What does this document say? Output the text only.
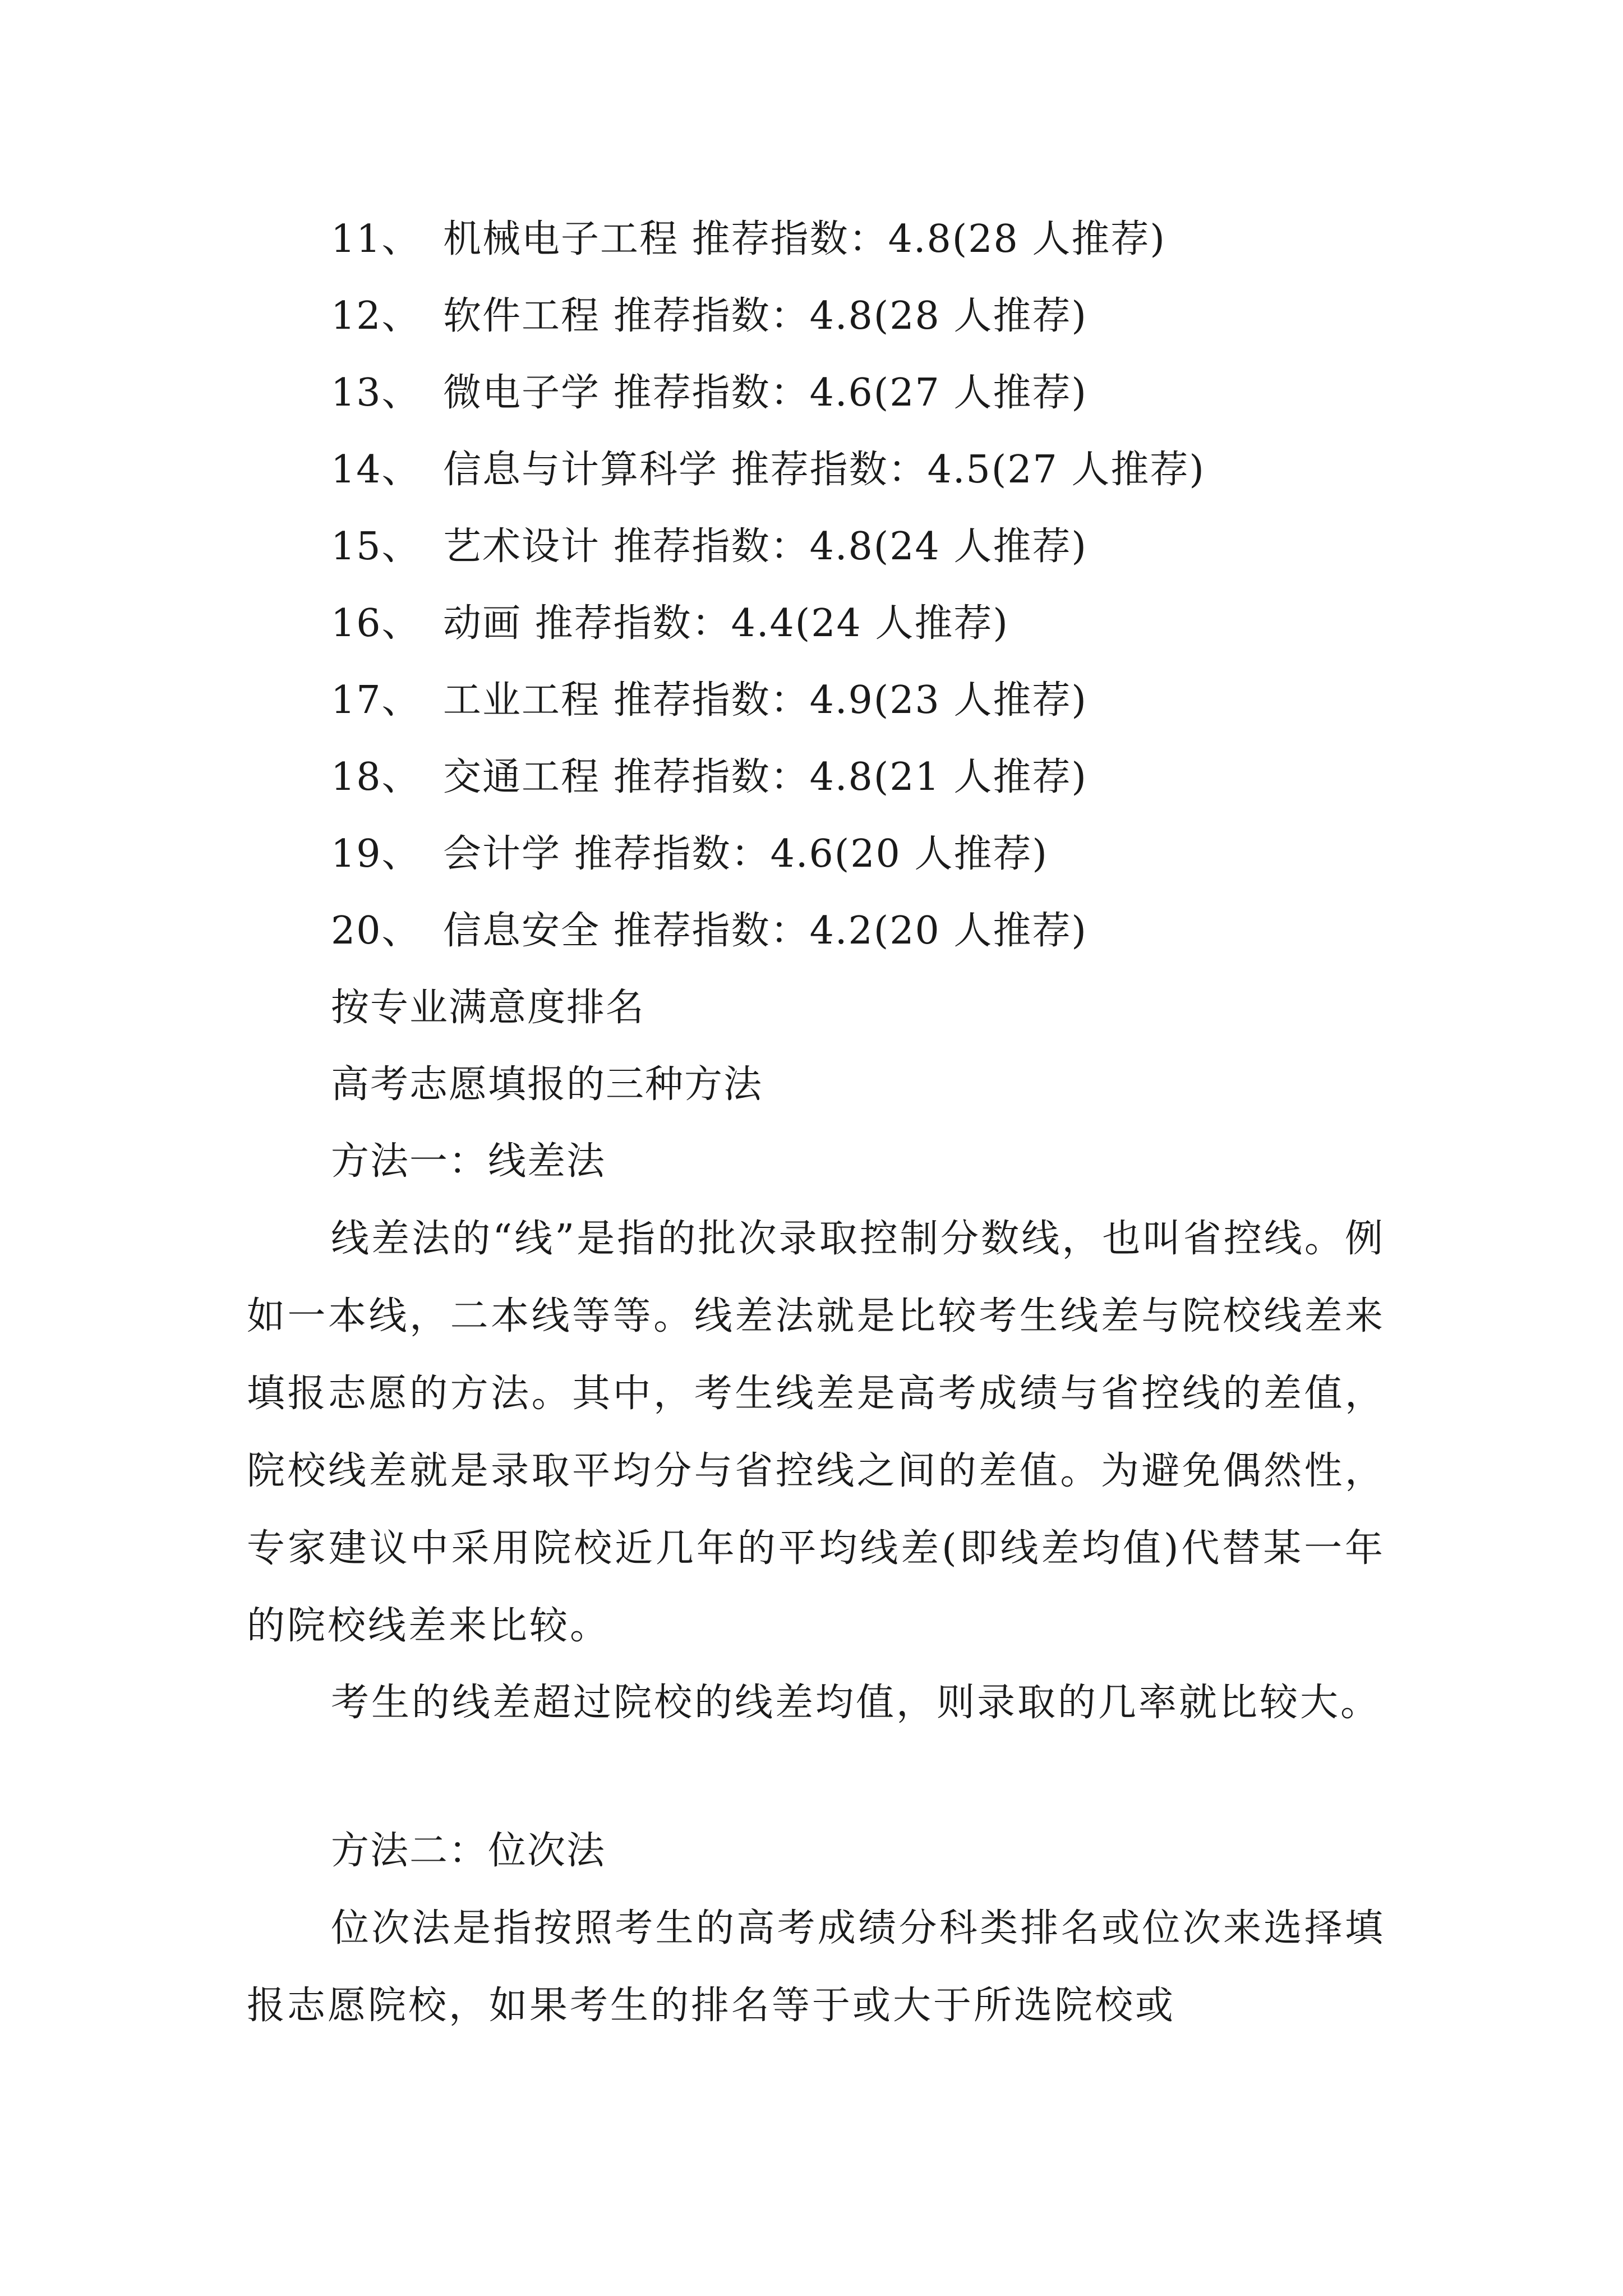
11、 机械电子工程 推荐指数：4.8(28 人推荐)
12、 软件工程 推荐指数：4.8(28 人推荐)
13、 微电子学 推荐指数：4.6(27 人推荐)
14、 信息与计算科学 推荐指数：4.5(27 人推荐)
15、 艺术设计 推荐指数：4.8(24 人推荐)
16、 动画 推荐指数：4.4(24 人推荐)
17、 工业工程 推荐指数：4.9(23 人推荐)
18、 交通工程 推荐指数：4.8(21 人推荐)
19、 会计学 推荐指数：4.6(20 人推荐)
20、 信息安全 推荐指数：4.2(20 人推荐)
按专业满意度排名
高考志愿填报的三种方法
方法一：线差法

线差法的“线”是指的批次录取控制分数线，也叫省控线。例如一本线，二本线等等。线差法就是比较考生线差与院校线差来填报志愿的方法。其中，考生线差是高考成绩与省控线的差值，院校线差就是录取平均分与省控线之间的差值。为避免偶然性，专家建议中采用院校近几年的平均线差(即线差均值)代替某一年的院校线差来比较。

考生的线差超过院校的线差均值，则录取的几率就比较大。

方法二：位次法

位次法是指按照考生的高考成绩分科类排名或位次来选择填报志愿院校，如果考生的排名等于或大于所选院校或
